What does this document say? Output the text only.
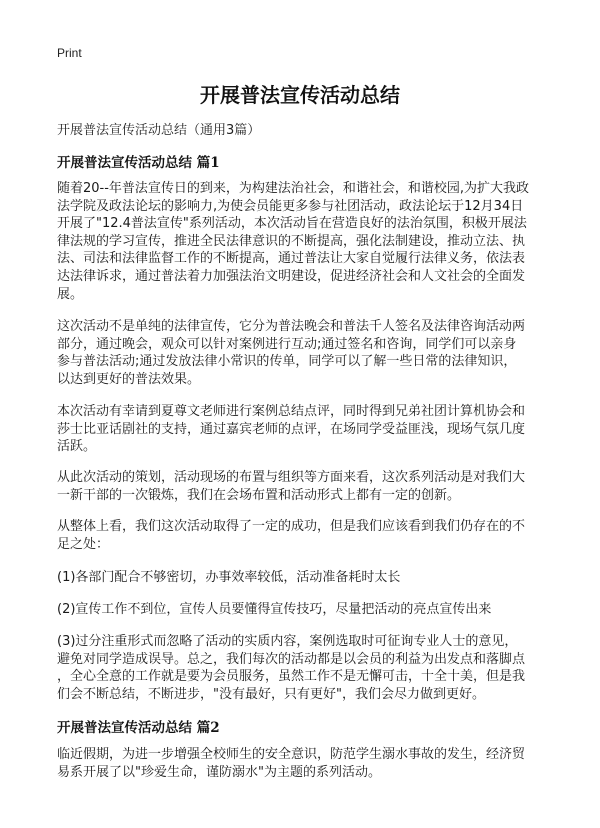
Print
开展普法宣传活动总结
开展普法宣传活动总结（通用3篇）
开展普法宣传活动总结 篇1
随着20--年普法宣传日的到来，为构建法治社会，和谐社会，和谐校园,为扩大我政
法学院及政法论坛的影响力,为使会员能更多参与社团活动，政法论坛于12月34日
开展了"12.4普法宣传"系列活动，本次活动旨在营造良好的法治氛围，积极开展法
律法规的学习宣传，推进全民法律意识的不断提高，强化法制建设，推动立法、执
法、司法和法律监督工作的不断提高，通过普法让大家自觉履行法律义务，依法表
达法律诉求，通过普法着力加强法治文明建设，促进经济社会和人文社会的全面发
展。
这次活动不是单纯的法律宣传，它分为普法晚会和普法千人签名及法律咨询活动两
部分，通过晚会，观众可以针对案例进行互动;通过签名和咨询，同学们可以亲身
参与普法活动;通过发放法律小常识的传单，同学可以了解一些日常的法律知识，
以达到更好的普法效果。
本次活动有幸请到夏尊文老师进行案例总结点评，同时得到兄弟社团计算机协会和
莎士比亚话剧社的支持，通过嘉宾老师的点评，在场同学受益匪浅，现场气氛几度
活跃。
从此次活动的策划，活动现场的布置与组织等方面来看，这次系列活动是对我们大
一新干部的一次锻炼，我们在会场布置和活动形式上都有一定的创新。
从整体上看，我们这次活动取得了一定的成功，但是我们应该看到我们仍存在的不
足之处：
(1)各部门配合不够密切，办事效率较低，活动准备耗时太长
(2)宣传工作不到位，宣传人员要懂得宣传技巧，尽量把活动的亮点宣传出来
(3)过分注重形式而忽略了活动的实质内容，案例选取时可征询专业人士的意见，
避免对同学造成误导。总之，我们每次的活动都是以会员的利益为出发点和落脚点
，全心全意的工作就是要为会员服务，虽然工作不是无懈可击，十全十美，但是我
们会不断总结，不断进步，"没有最好，只有更好"，我们会尽力做到更好。
开展普法宣传活动总结 篇2
临近假期，为进一步增强全校师生的安全意识，防范学生溺水事故的发生，经济贸
易系开展了以"珍爱生命，谨防溺水"为主题的系列活动。
